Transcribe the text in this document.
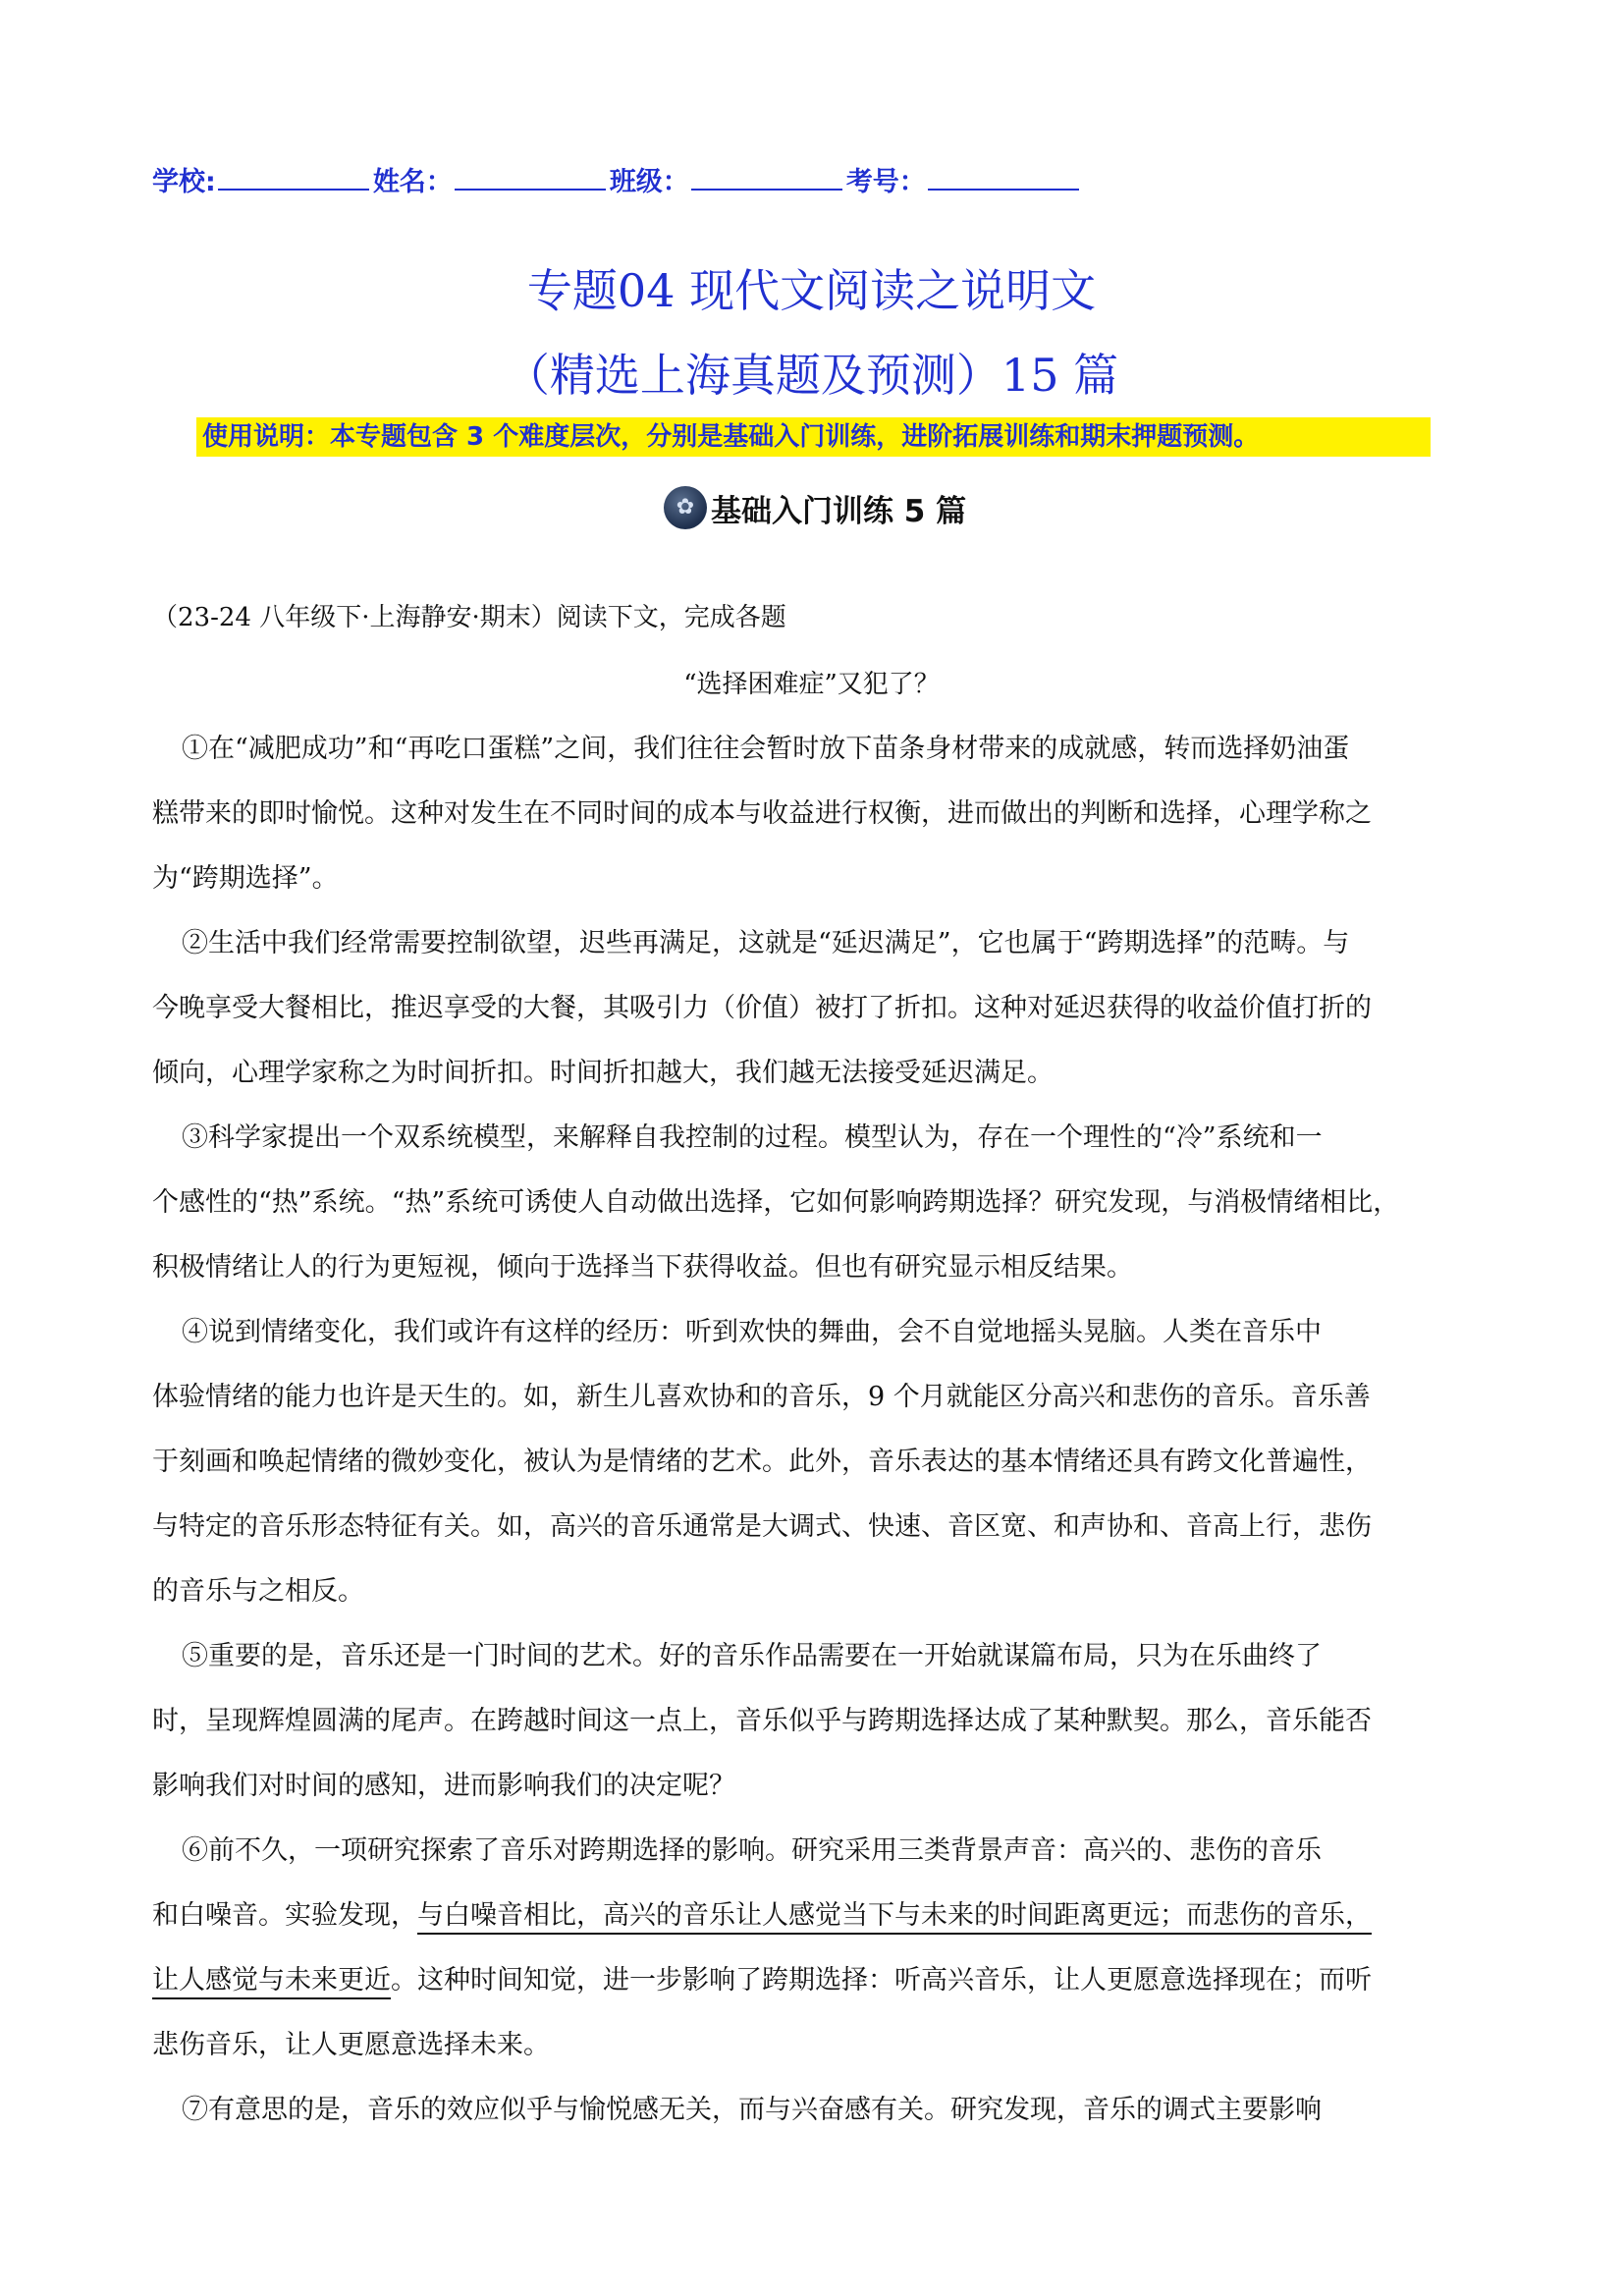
学校:	姓名：	班级：	考号：
专题04 现代文阅读之说明文
（精选上海真题及预测）15 篇
使用说明：本专题包含 3 个难度层次，分别是基础入门训练，进阶拓展训练和期末押题预测。
✿ 基础入门训练 5 篇
（23-24 八年级下·上海静安·期末）阅读下文，完成各题
“选择困难症”又犯了？
①在“减肥成功”和“再吃口蛋糕”之间，我们往往会暂时放下苗条身材带来的成就感，转而选择奶油蛋
糕带来的即时愉悦。这种对发生在不同时间的成本与收益进行权衡，进而做出的判断和选择，心理学称之
为“跨期选择”。
②生活中我们经常需要控制欲望，迟些再满足，这就是“延迟满足”，它也属于“跨期选择”的范畴。与
今晚享受大餐相比，推迟享受的大餐，其吸引力（价值）被打了折扣。这种对延迟获得的收益价值打折的
倾向，心理学家称之为时间折扣。时间折扣越大，我们越无法接受延迟满足。
③科学家提出一个双系统模型，来解释自我控制的过程。模型认为，存在一个理性的“冷”系统和一
个感性的“热”系统。“热”系统可诱使人自动做出选择，它如何影响跨期选择？研究发现，与消极情绪相比，
积极情绪让人的行为更短视，倾向于选择当下获得收益。但也有研究显示相反结果。
④说到情绪变化，我们或许有这样的经历：听到欢快的舞曲，会不自觉地摇头晃脑。人类在音乐中
体验情绪的能力也许是天生的。如，新生儿喜欢协和的音乐，9 个月就能区分高兴和悲伤的音乐。音乐善
于刻画和唤起情绪的微妙变化，被认为是情绪的艺术。此外，音乐表达的基本情绪还具有跨文化普遍性，
与特定的音乐形态特征有关。如，高兴的音乐通常是大调式、快速、音区宽、和声协和、音高上行，悲伤
的音乐与之相反。
⑤重要的是，音乐还是一门时间的艺术。好的音乐作品需要在一开始就谋篇布局，只为在乐曲终了
时，呈现辉煌圆满的尾声。在跨越时间这一点上，音乐似乎与跨期选择达成了某种默契。那么，音乐能否
影响我们对时间的感知，进而影响我们的决定呢？
⑥前不久，一项研究探索了音乐对跨期选择的影响。研究采用三类背景声音：高兴的、悲伤的音乐
和白噪音。实验发现，与白噪音相比，高兴的音乐让人感觉当下与未来的时间距离更远；而悲伤的音乐，
让人感觉与未来更近。这种时间知觉，进一步影响了跨期选择：听高兴音乐，让人更愿意选择现在；而听
悲伤音乐，让人更愿意选择未来。
⑦有意思的是，音乐的效应似乎与愉悦感无关，而与兴奋感有关。研究发现，音乐的调式主要影响
